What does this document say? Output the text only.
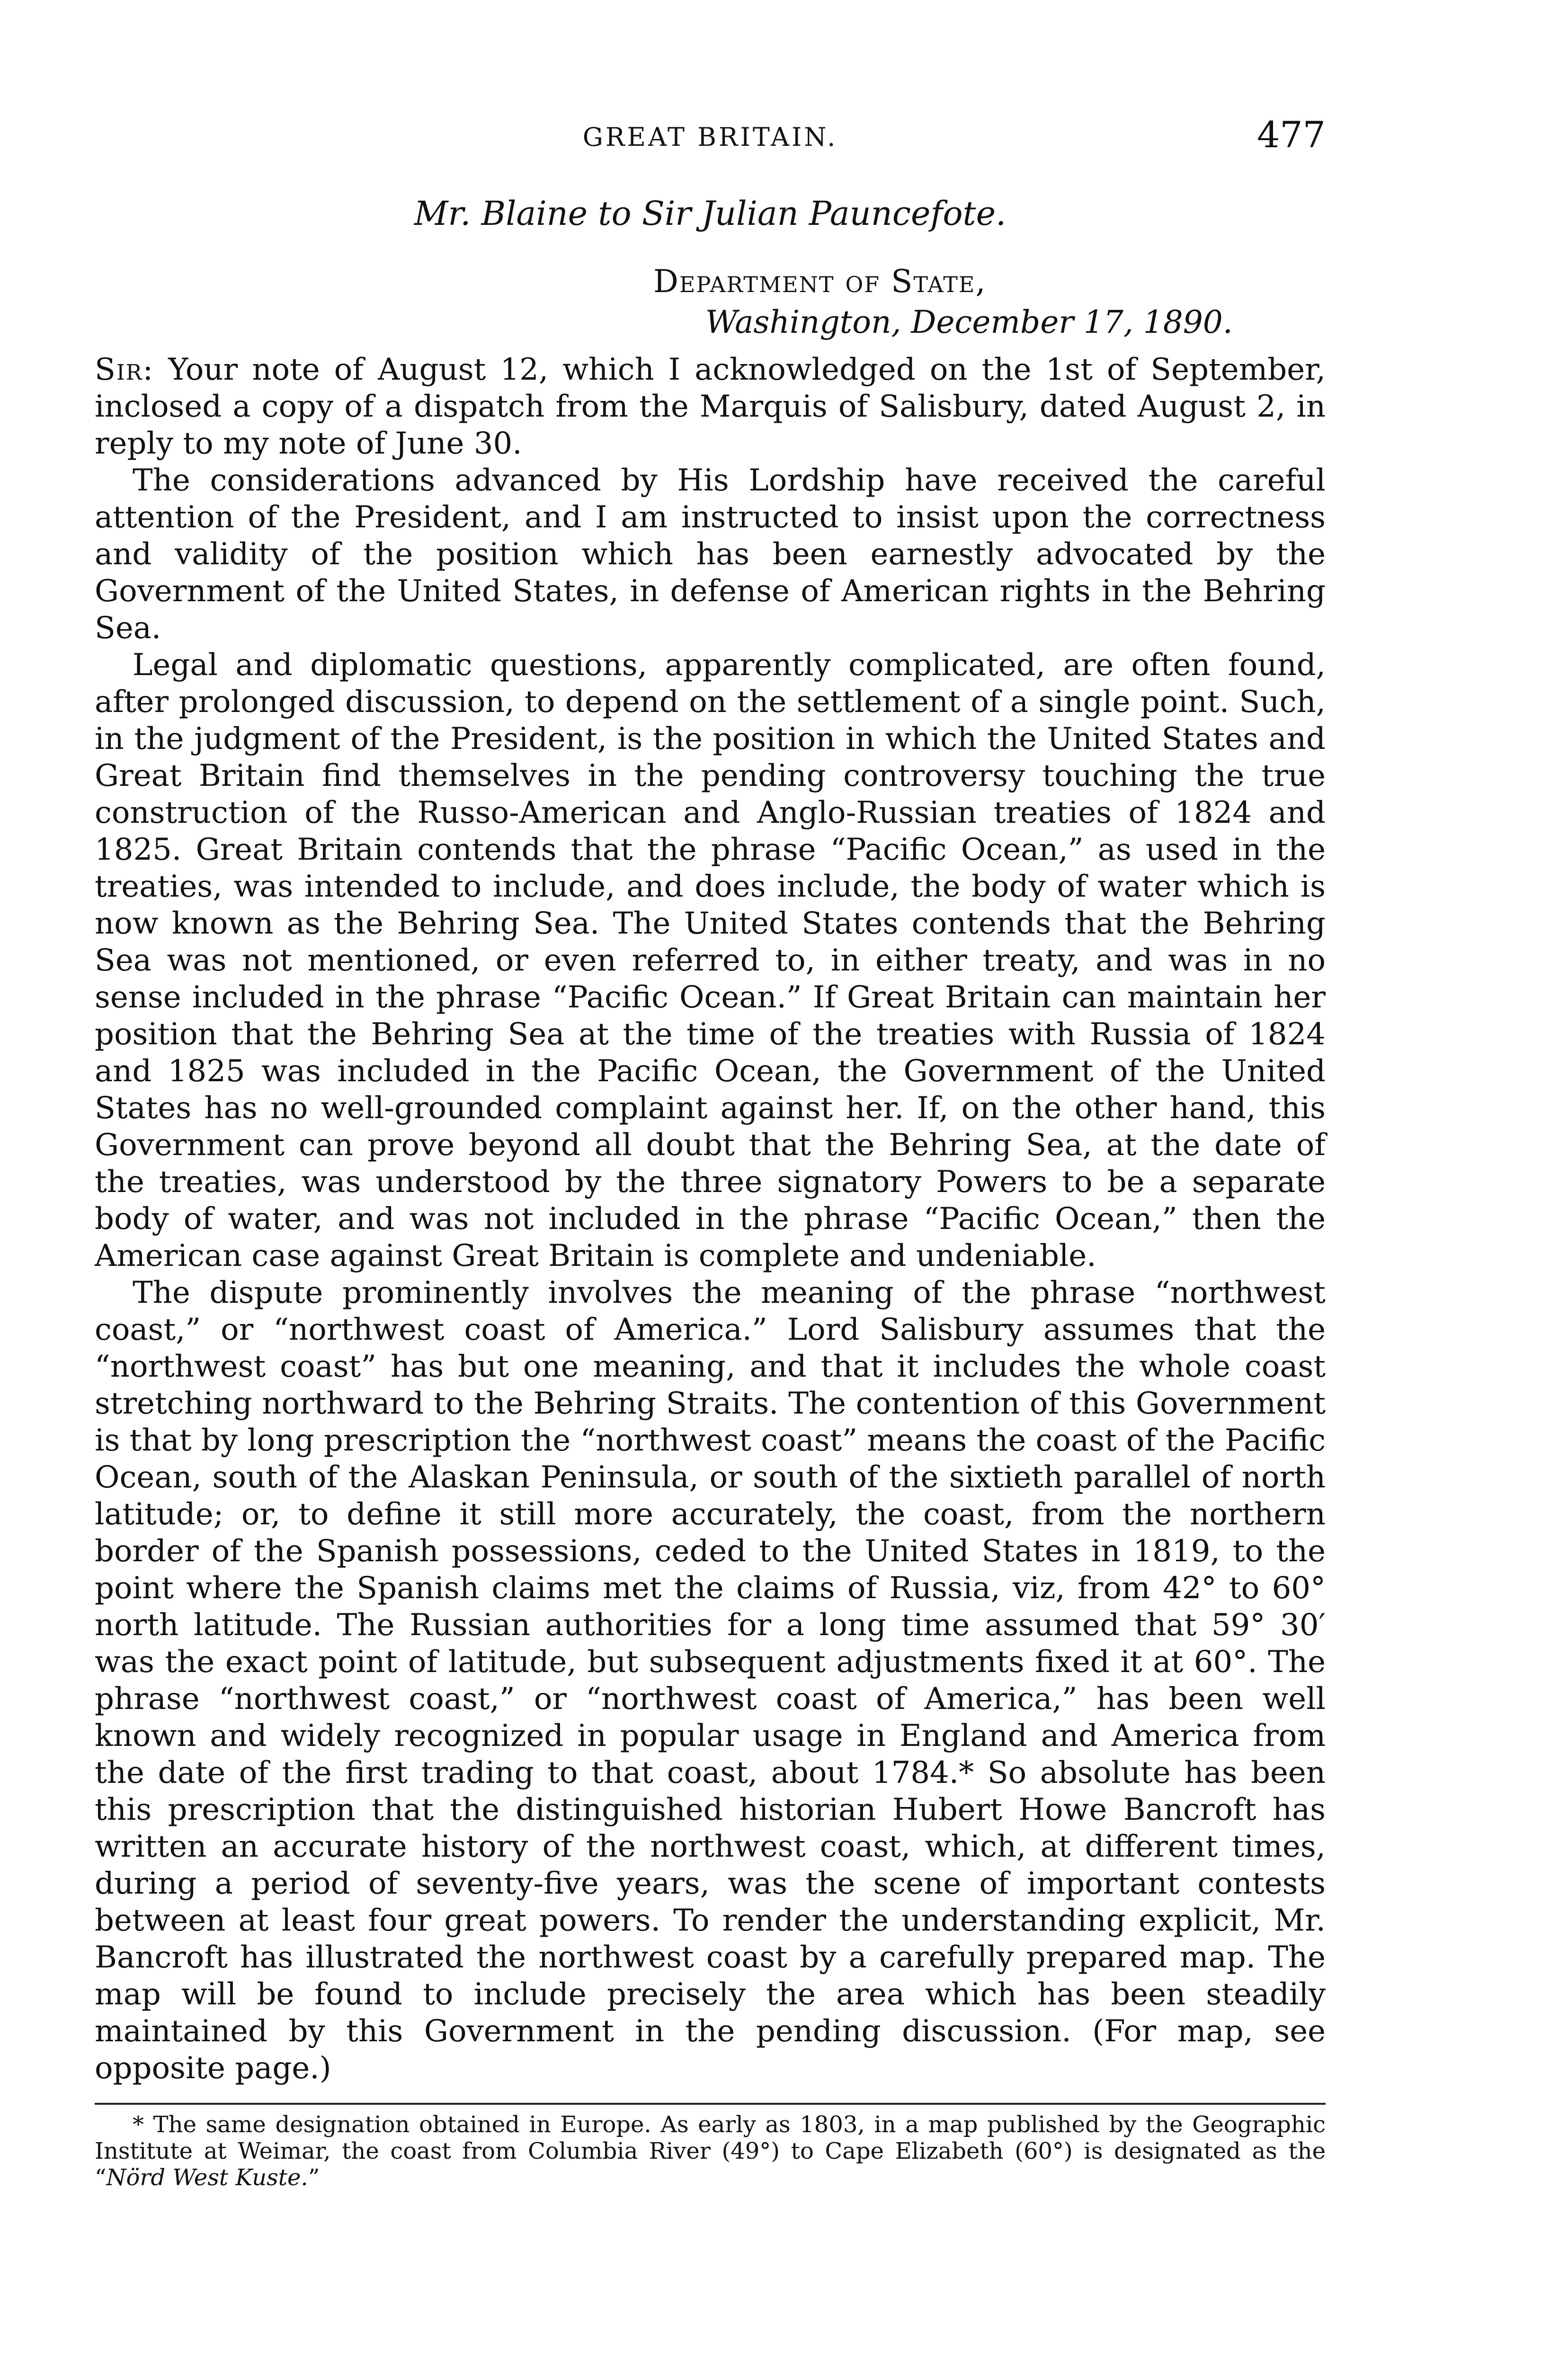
GREAT BRITAIN.	477
Mr. Blaine to Sir Julian Pauncefote.
Department of State,
Washington, December 17, 1890.

Sir: Your note of August 12, which I acknowledged on the 1st of September, inclosed a copy of a dispatch from the Marquis of Salisbury, dated August 2, in reply to my note of June 30.

The considerations advanced by His Lordship have received the careful attention of the President, and I am instructed to insist upon the correctness and validity of the position which has been earnestly advocated by the Government of the United States, in defense of American rights in the Behring Sea.

Legal and diplomatic questions, apparently complicated, are often found, after prolonged discussion, to depend on the settlement of a single point. Such, in the judgment of the President, is the position in which the United States and Great Britain find themselves in the pending controversy touching the true construction of the Russo-American and Anglo-Russian treaties of 1824 and 1825. Great Britain contends that the phrase “Pacific Ocean,” as used in the treaties, was intended to include, and does include, the body of water which is now known as the Behring Sea. The United States contends that the Behring Sea was not mentioned, or even referred to, in either treaty, and was in no sense included in the phrase “Pacific Ocean.” If Great Britain can maintain her position that the Behring Sea at the time of the treaties with Russia of 1824 and 1825 was included in the Pacific Ocean, the Government of the United States has no well-grounded complaint against her. If, on the other hand, this Government can prove beyond all doubt that the Behring Sea, at the date of the treaties, was understood by the three signatory Powers to be a separate body of water, and was not included in the phrase “Pacific Ocean,” then the American case against Great Britain is complete and undeniable.

The dispute prominently involves the meaning of the phrase “northwest coast,” or “northwest coast of America.” Lord Salisbury assumes that the “northwest coast” has but one meaning, and that it includes the whole coast stretching northward to the Behring Straits. The contention of this Government is that by long prescription the “northwest coast” means the coast of the Pacific Ocean, south of the Alaskan Peninsula, or south of the sixtieth parallel of north latitude; or, to define it still more accurately, the coast, from the northern border of the Spanish possessions, ceded to the United States in 1819, to the point where the Spanish claims met the claims of Russia, viz, from 42° to 60° north latitude. The Russian authorities for a long time assumed that 59° 30′ was the exact point of latitude, but subsequent adjustments fixed it at 60°. The phrase “northwest coast,” or “northwest coast of America,” has been well known and widely recognized in popular usage in England and America from the date of the first trading to that coast, about 1784.* So absolute has been this prescription that the distinguished historian Hubert Howe Bancroft has written an accurate history of the northwest coast, which, at different times, during a period of seventy-five years, was the scene of important contests between at least four great powers. To render the understanding explicit, Mr. Bancroft has illustrated the northwest coast by a carefully prepared map. The map will be found to include precisely the area which has been steadily maintained by this Government in the pending discussion. (For map, see opposite page.)

* The same designation obtained in Europe. As early as 1803, in a map published by the Geographic Institute at Weimar, the coast from Columbia River (49°) to Cape Elizabeth (60°) is designated as the “Nörd West Kuste.”
